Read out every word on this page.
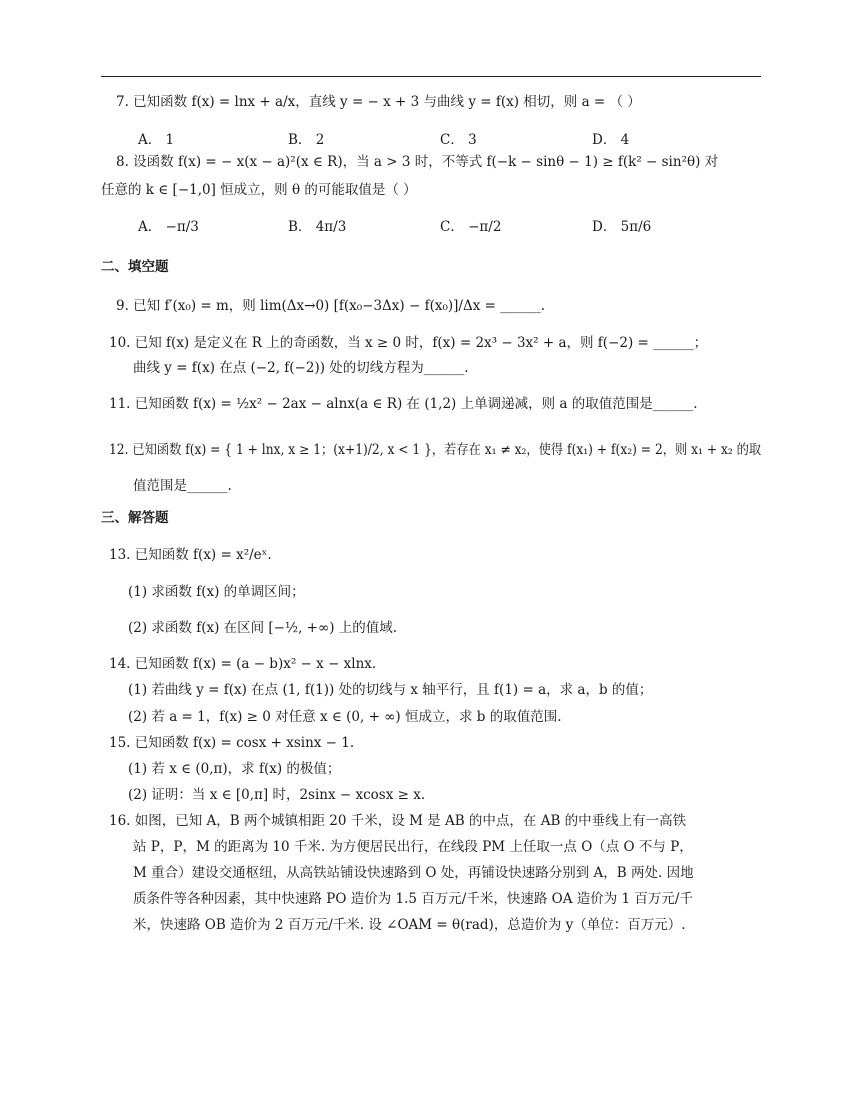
7. 已知函数 f(x) = lnx + a/x，直线 y = − x + 3 与曲线 y = f(x) 相切，则 a = （ ）
A． 1	B． 2	C． 3	D． 4
8. 设函数 f(x) = − x(x − a)²(x ∈ R)，当 a > 3 时，不等式 f(−k − sinθ − 1) ≥ f(k² − sin²θ) 对
任意的 k ∈ [−1,0] 恒成立，则 θ 的可能取值是（ ）
A． −π/3	B． 4π/3	C． −π/2	D． 5π/6
二、填空题
9. 已知 f′(x₀) = m，则 lim(Δx→0) [f(x₀−3Δx) − f(x₀)]/Δx = ______.
10. 已知 f(x) 是定义在 R 上的奇函数，当 x ≥ 0 时，f(x) = 2x³ − 3x² + a，则 f(−2) = ______；
曲线 y = f(x) 在点 (−2, f(−2)) 处的切线方程为______.
11. 已知函数 f(x) = ½x² − 2ax − alnx(a ∈ R) 在 (1,2) 上单调递减，则 a 的取值范围是______.
12. 已知函数 f(x) = { 1 + lnx, x ≥ 1；(x+1)/2, x < 1 }，若存在 x₁ ≠ x₂，使得 f(x₁) + f(x₂) = 2，则 x₁ + x₂ 的取
值范围是______.
三、解答题
13. 已知函数 f(x) = x²/eˣ.
(1) 求函数 f(x) 的单调区间；
(2) 求函数 f(x) 在区间 [−½, +∞) 上的值域.
14. 已知函数 f(x) = (a − b)x² − x − xlnx.
(1) 若曲线 y = f(x) 在点 (1, f(1)) 处的切线与 x 轴平行，且 f(1) = a，求 a，b 的值；
(2) 若 a = 1，f(x) ≥ 0 对任意 x ∈ (0, + ∞) 恒成立，求 b 的取值范围.
15. 已知函数 f(x) = cosx + xsinx − 1.
(1) 若 x ∈ (0,π)，求 f(x) 的极值；
(2) 证明：当 x ∈ [0,π] 时，2sinx − xcosx ≥ x.
16. 如图，已知 A，B 两个城镇相距 20 千米，设 M 是 AB 的中点，在 AB 的中垂线上有一高铁
站 P，P，M 的距离为 10 千米. 为方便居民出行，在线段 PM 上任取一点 O（点 O 不与 P，
M 重合）建设交通枢纽，从高铁站铺设快速路到 O 处，再铺设快速路分别到 A，B 两处. 因地
质条件等各种因素，其中快速路 PO 造价为 1.5 百万元/千米，快速路 OA 造价为 1 百万元/千
米，快速路 OB 造价为 2 百万元/千米. 设 ∠OAM = θ(rad)，总造价为 y（单位：百万元）.
